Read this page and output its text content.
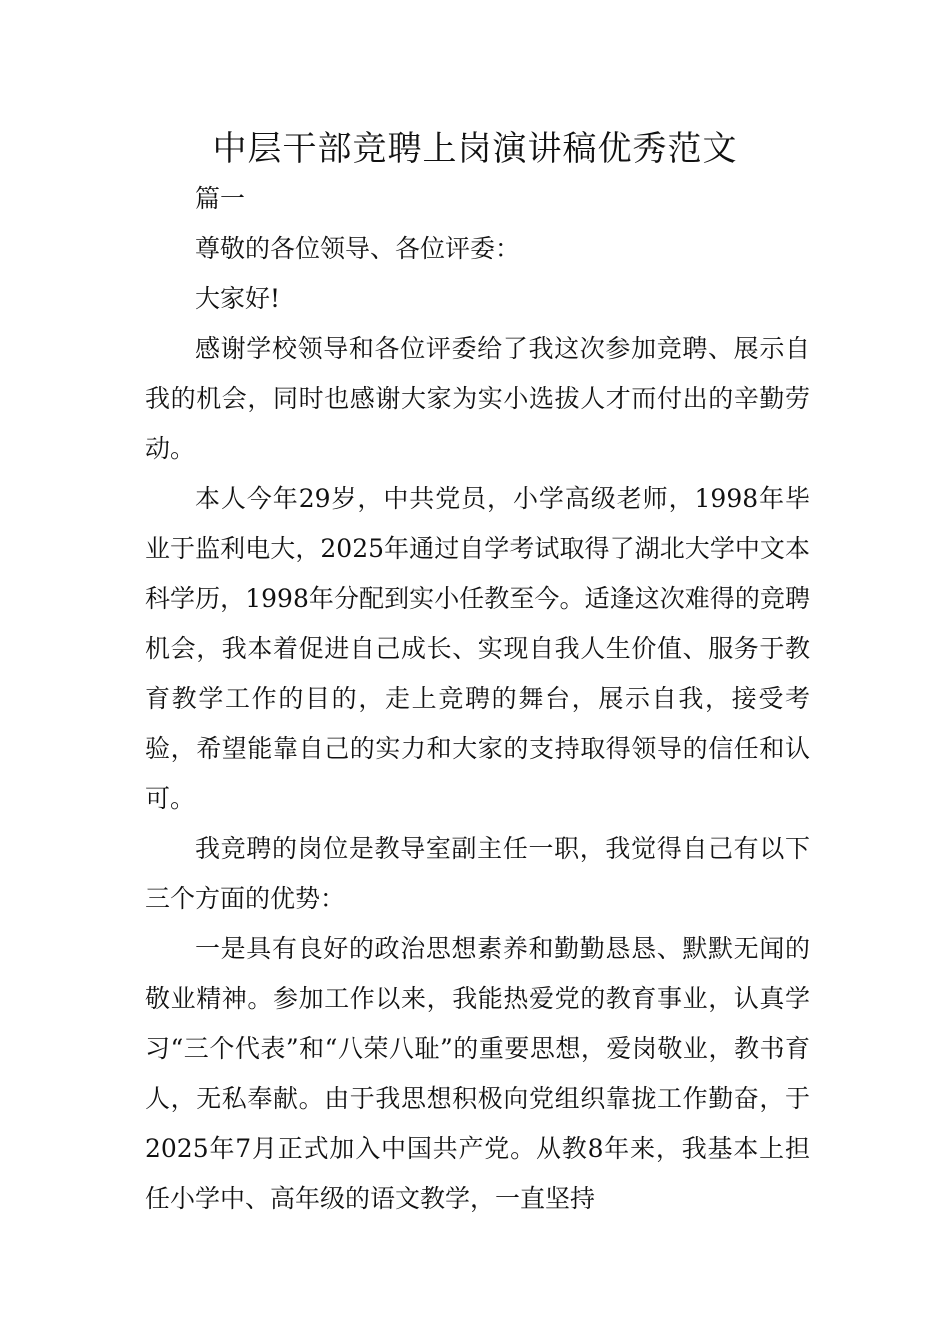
中层干部竞聘上岗演讲稿优秀范文

篇一

尊敬的各位领导、各位评委：

大家好!

感谢学校领导和各位评委给了我这次参加竞聘、展示自我的机会，同时也感谢大家为实小选拔人才而付出的辛勤劳动。

本人今年29岁，中共党员，小学高级老师，1998年毕业于监利电大，2025年通过自学考试取得了湖北大学中文本科学历，1998年分配到实小任教至今。适逢这次难得的竞聘机会，我本着促进自己成长、实现自我人生价值、服务于教育教学工作的目的，走上竞聘的舞台，展示自我，接受考验，希望能靠自己的实力和大家的支持取得领导的信任和认可。

我竞聘的岗位是教导室副主任一职，我觉得自己有以下三个方面的优势：

一是具有良好的政治思想素养和勤勤恳恳、默默无闻的敬业精神。参加工作以来，我能热爱党的教育事业，认真学习“三个代表”和“八荣八耻”的重要思想，爱岗敬业，教书育人，无私奉献。由于我思想积极向党组织靠拢工作勤奋，于2025年7月正式加入中国共产党。从教8年来，我基本上担任小学中、高年级的语文教学，一直坚持
